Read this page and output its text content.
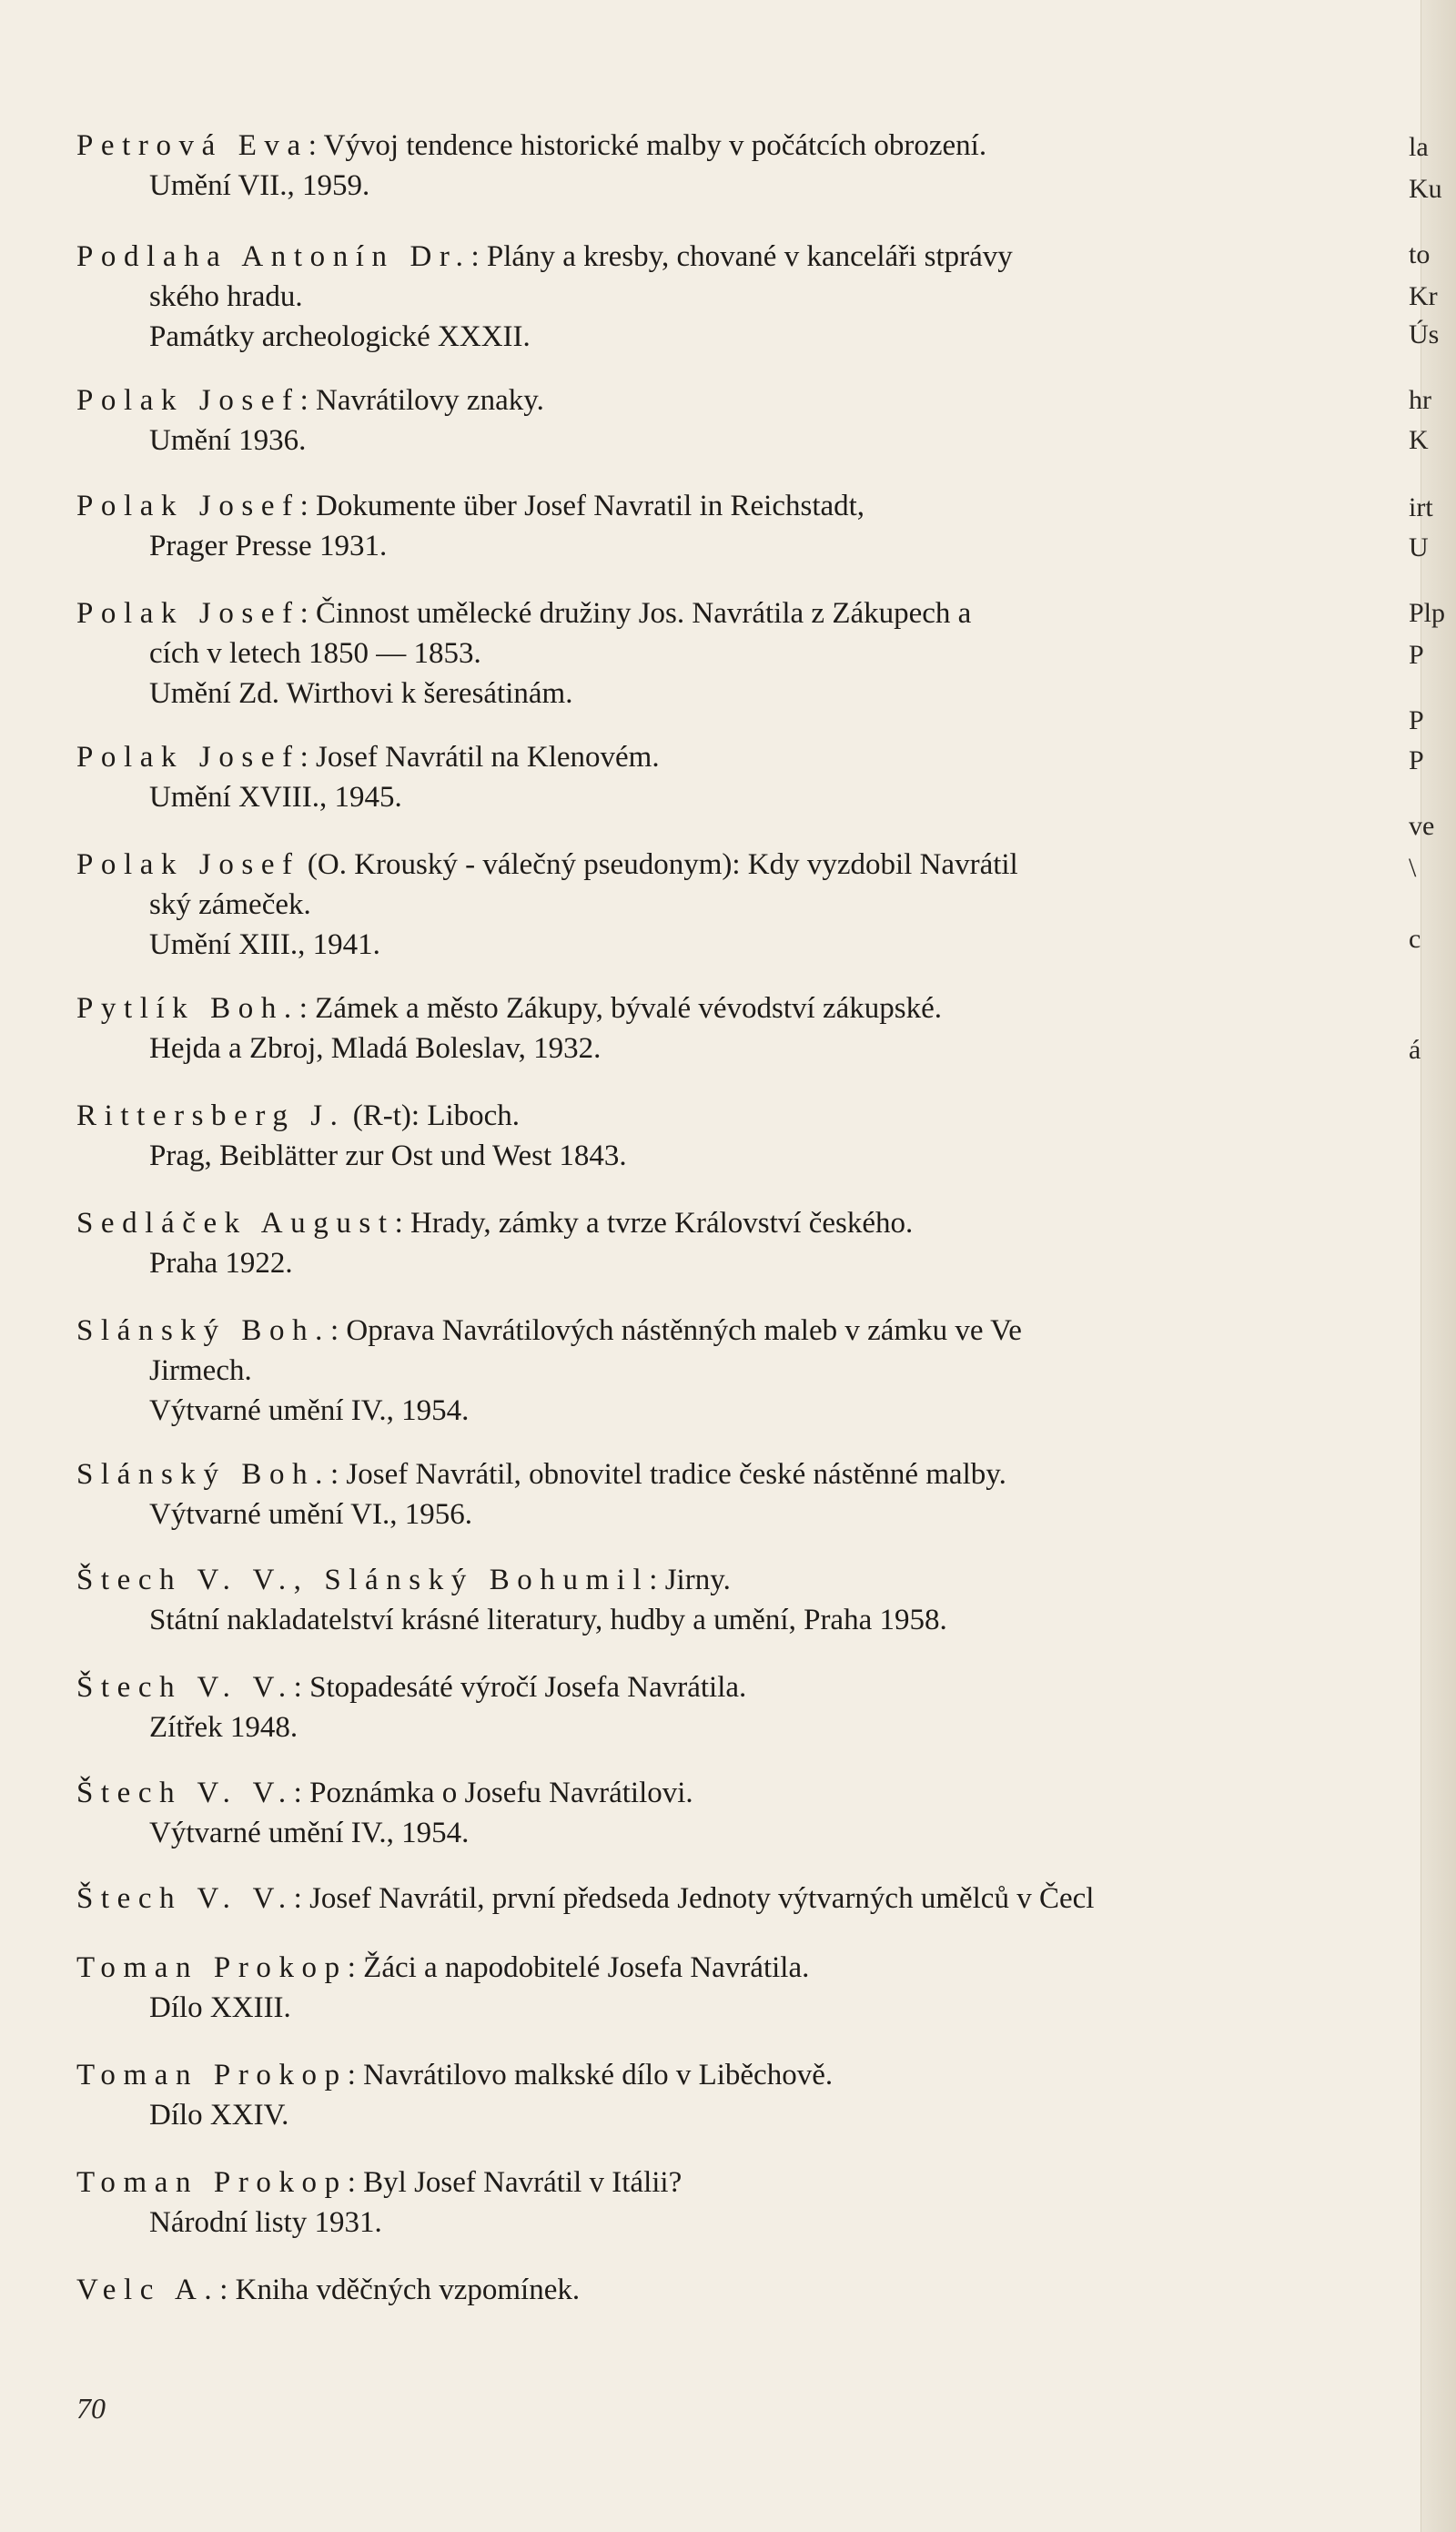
Petrová Eva: Vývoj tendence historické malby v počátcích obrození.
Umění VII., 1959.
Podlaha Antonín Dr.: Plány a kresby, chované v kanceláři stprávy
ského hradu.
Památky archeologické XXXII.
Polak Josef: Navrátilovy znaky.
Umění 1936.
Polak Josef: Dokumente über Josef Navratil in Reichstadt,
Prager Presse 1931.
Polak Josef: Činnost umělecké družiny Jos. Navrátila z Zákupech a
cích v letech 1850 — 1853.
Umění Zd. Wirthovi k šeresátinám.
Polak Josef: Josef Navrátil na Klenovém.
Umění XVIII., 1945.
Polak Josef (O. Krouský - válečný pseudonym): Kdy vyzdobil Navrátil
ský zámeček.
Umění XIII., 1941.
Pytlík Boh.: Zámek a město Zákupy, bývalé vévodství zákupské.
Hejda a Zbroj, Mladá Boleslav, 1932.
Rittersberg J. (R-t): Liboch.
Prag, Beiblätter zur Ost und West 1843.
Sedláček August: Hrady, zámky a tvrze Království českého.
Praha 1922.
Slánský Boh.: Oprava Navrátilových nástěnných maleb v zámku ve Ve
Jirmech.
Výtvarné umění IV., 1954.
Slánský Boh.: Josef Navrátil, obnovitel tradice české nástěnné malby.
Výtvarné umění VI., 1956.
Štech V. V., Slánský Bohumil: Jirny.
Státní nakladatelství krásné literatury, hudby a umění, Praha 1958.
Štech V. V.: Stopadesáté výročí Josefa Navrátila.
Zítřek 1948.
Štech V. V.: Poznámka o Josefu Navrátilovi.
Výtvarné umění IV., 1954.
Štech V. V.: Josef Navrátil, první předseda Jednoty výtvarných umělců v Čecl
Toman Prokop: Žáci a napodobitelé Josefa Navrátila.
Dílo XXIII.
Toman Prokop: Navrátilovo malkské dílo v Liběchově.
Dílo XXIV.
Toman Prokop: Byl Josef Navrátil v Itálii?
Národní listy 1931.
Velc A.: Kniha vděčných vzpomínek.
la
Ku
to
Kr
Ús
hr
K
irt
U
Plp
P
P
P
ve
\
c
á
70
